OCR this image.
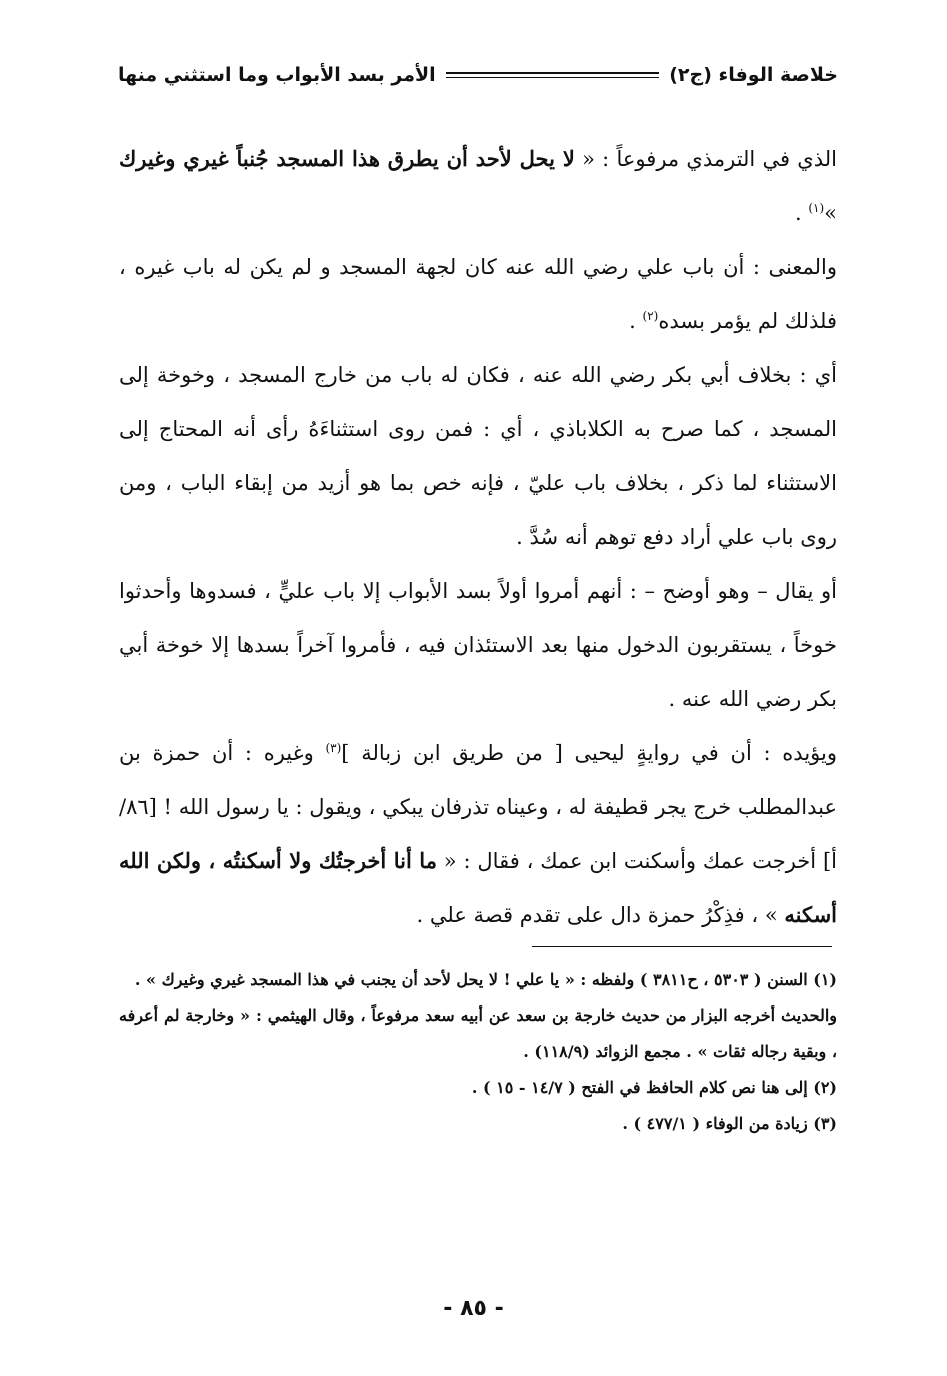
خلاصة الوفاء (ج٢)
الأمر بسد الأبواب وما استثني منها

الذي في الترمذي مرفوعاً : « لا يحل لأحد أن يطرق هذا المسجد جُنباً غيري وغيرك »$^{(١)}$ .

والمعنى : أن باب علي رضي الله عنه كان لجهة المسجد و لم يكن له باب غيره ، فلذلك لم يؤمر بسده$^{(٢)}$ .

أي : بخلاف أبي بكر رضي الله عنه ، فكان له باب من خارج المسجد ، وخوخة إلى المسجد ، كما صرح به الكلاباذي ، أي : فمن روى استثناءَهُ رأى أنه المحتاج إلى الاستثناء لما ذكر ، بخلاف باب عليّ ، فإنه خص بما هو أزيد من إبقاء الباب ، ومن روى باب علي أراد دفع توهم أنه سُدَّ .

أو يقال – وهو أوضح – : أنهم أمروا أولاً بسد الأبواب إلا باب عليٍّ ، فسدوها وأحدثوا خوخاً ، يستقربون الدخول منها بعد الاستئذان فيه ، فأمروا آخراً بسدها إلا خوخة أبي بكر رضي الله عنه .

ويؤيده : أن في روايةٍ ليحيى [ من طريق ابن زبالة ]$^{(٣)}$ وغيره : أن حمزة بن عبدالمطلب خرج يجر قطيفة له ، وعيناه تذرفان يبكي ، ويقول : يا رسول الله ! [٨٦/أ] أخرجت عمك وأسكنت ابن عمك ، فقال : « ما أنا أخرجتُك ولا أسكنتُه ، ولكن الله أسكنه » ، فذِكْرُ حمزة دال على تقدم قصة علي .

(١) السنن ( ٥٣٠٣ ، ح٣٨١١ ) ولفظه : « يا علي ! لا يحل لأحد أن يجنب في هذا المسجد غيري وغيرك » .

والحديث أخرجه البزار من حديث خارجة بن سعد عن أبيه سعد مرفوعاً ، وقال الهيثمي : « وخارجة لم أعرفه ، وبقية رجاله ثقات » . مجمع الزوائد (١١٨/٩) .

(٢) إلى هنا نص كلام الحافظ في الفتح ( ١٤/٧ - ١٥ ) .

(٣) زيادة من الوفاء ( ٤٧٧/١ ) .

- ٨٥ -
